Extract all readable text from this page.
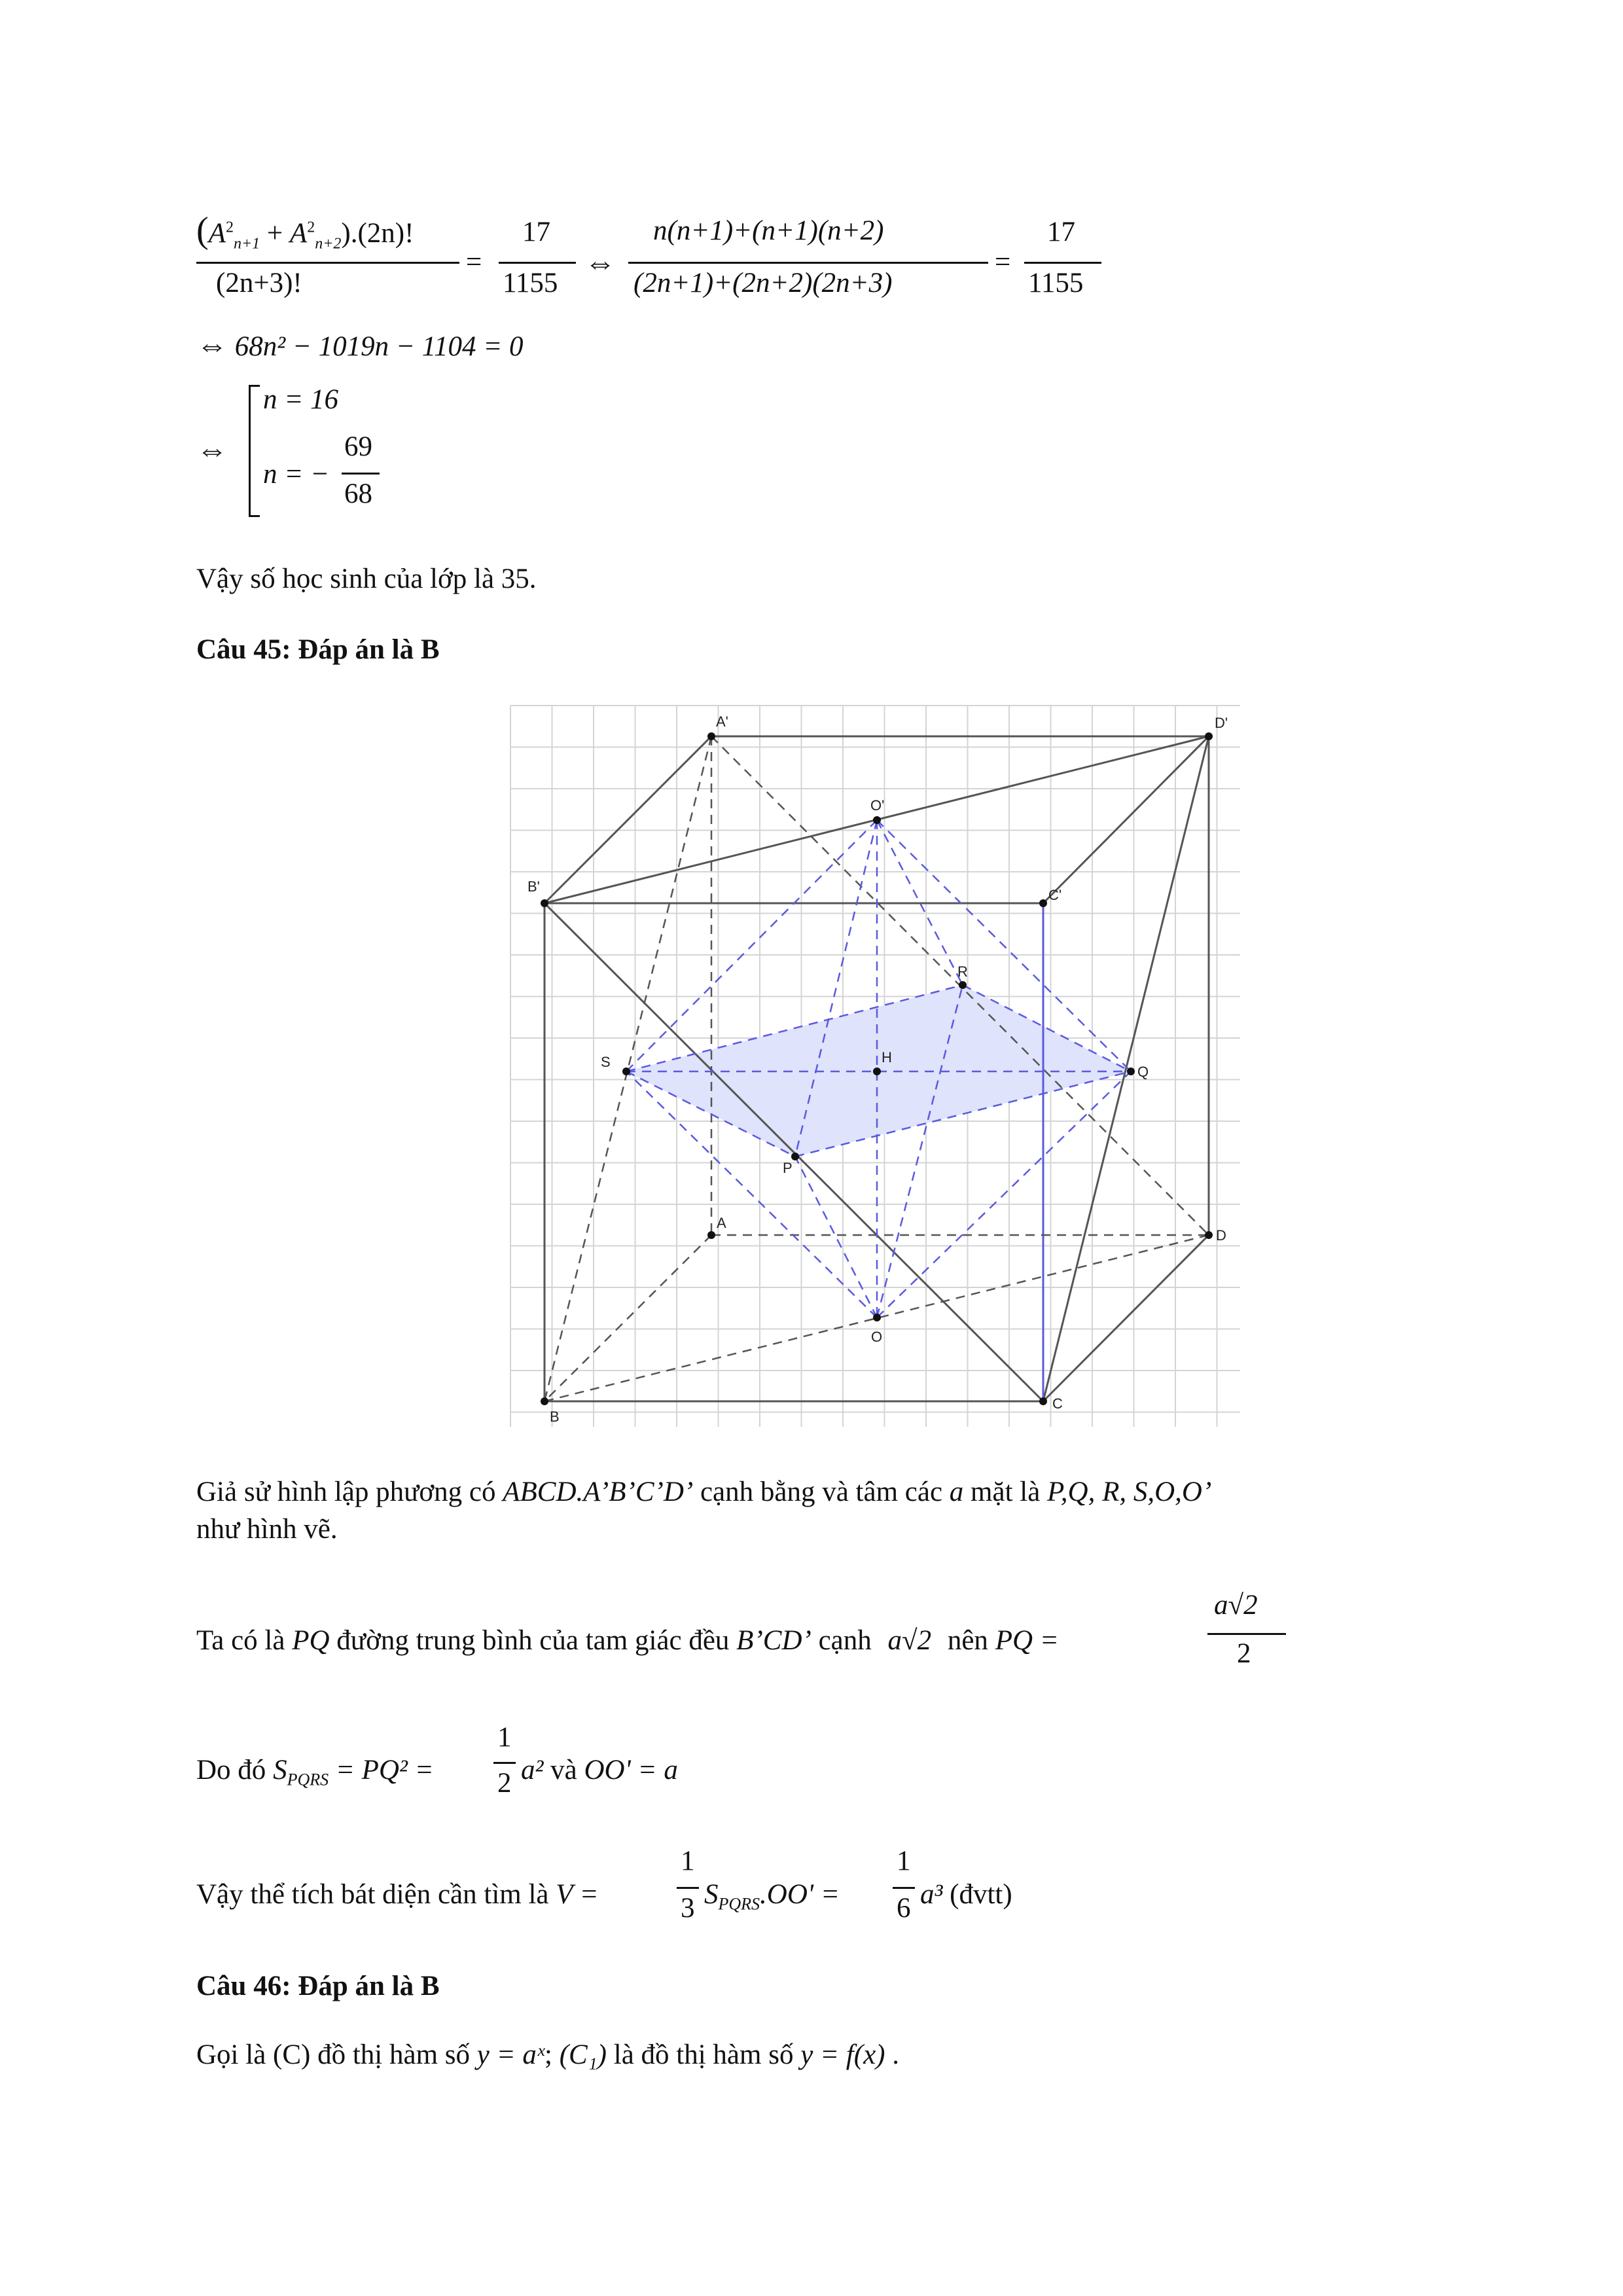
$(A^2_{n+1} + A^2_{n+2}).(2n)$!
(2n+3)!
=
17
1155
⇔
n(n+1)+(n+1)(n+2)
(2n+1)+(2n+2)(2n+3)
=
17
1155
⇔ 68n² − 1019n − 1104 = 0
⇔
n = 16
n = −
69
68
Vậy số học sinh của lớp là 35.
Câu 45: Đáp án là B
A'	D'
O'
B'
C'
R
S	H
Q
P
A
D
O
B
C
Giả sử hình lập phương có ABCD.A’B’C’D’ cạnh bằng và tâm các a mặt là P,Q, R, S,O,O’
như hình vẽ.
Ta có là PQ đường trung bình của tam giác đều B’CD’ cạnh a√2 nên PQ =
a√2
2
Do đó $S_{PQRS} = PQ^2$ =
1
2 a² và OO' = a
Vậy thể tích bát diện cần tìm là V =
1
3 $S_{PQRS}.OO'$ =
1
6 a³ (đvtt)
Câu 46: Đáp án là B
Gọi là (C) đồ thị hàm số y = aˣ; (C₁) là đồ thị hàm số y = f(x) .
